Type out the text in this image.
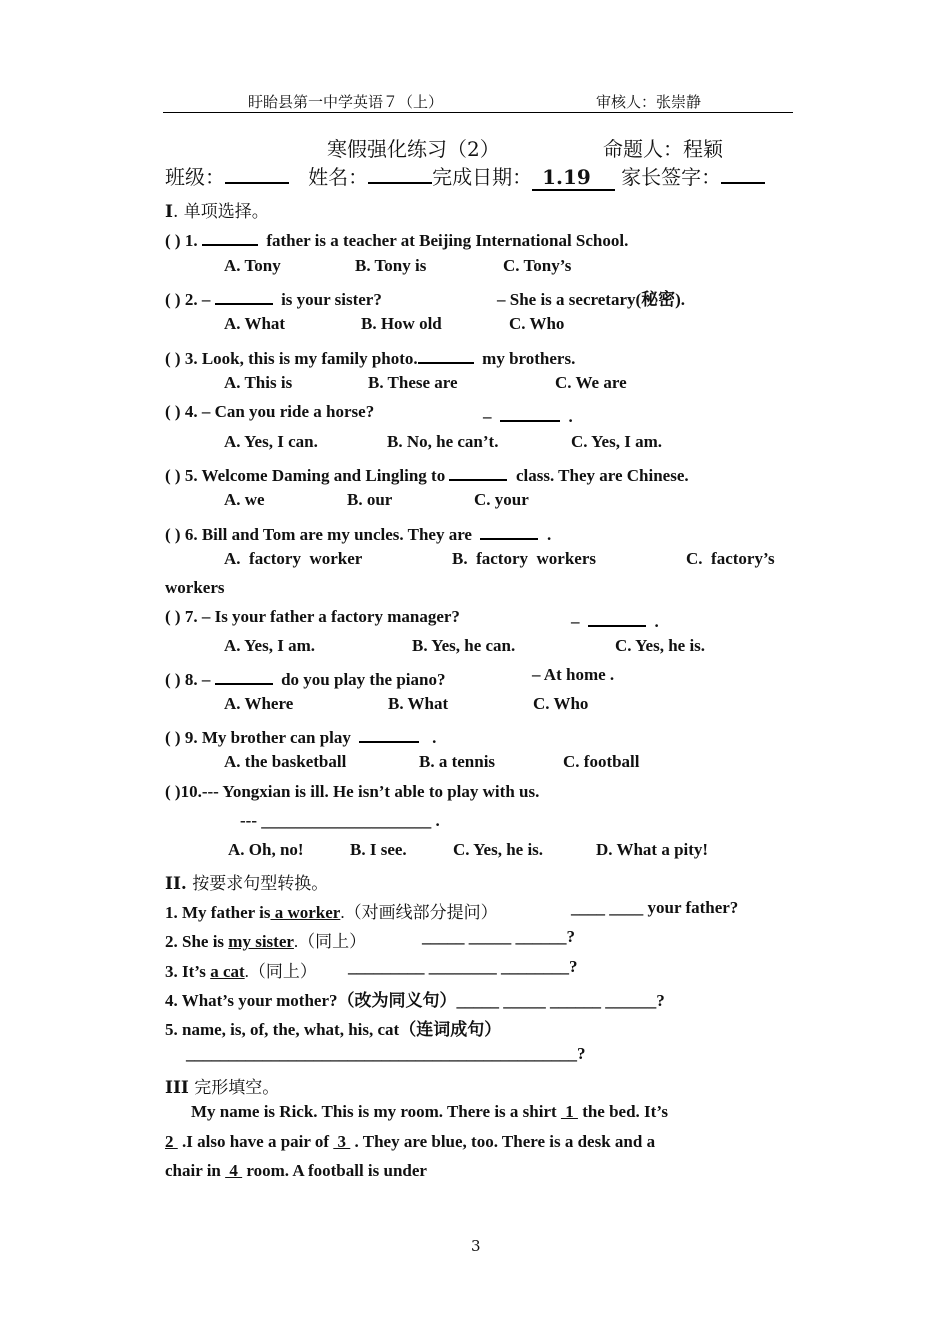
盱眙县第一中学英语７（上）	审核人：张崇静
寒假强化练习（2）	命题人：程颖
班级：	姓名：	完成日期： 1.19 家长签字：
I. 单项选择。
( ) 1.	father is a teacher at Beijing International School.
A. Tony	B. Tony is	C. Tony’s
( ) 2. –	is your sister?	– She is a secretary(秘密).
A. What	B. How old	C. Who
( ) 3. Look, this is my family photo.	my brothers.
A. This is	B. These are	C. We are
( ) 4. – Can you ride a horse?	–	.
A. Yes, I can.	B. No, he can’t.	C. Yes, I am.
( ) 5. Welcome Daming and Lingling to	class. They are Chinese.
A. we	B. our	C. your
( ) 6. Bill and Tom are my uncles. They are	.
A.  factory  worker	B.  factory  workers	C.  factory’s
workers
( ) 7. – Is your father a factory manager?	–	.
A. Yes, I am.	B. Yes, he can.	C. Yes, he is.
( ) 8. –	do you play the piano?	– At home .
A. Where	B. What	C. Who
( ) 9. My brother can play	.
A. the basketball	B. a tennis	C. football
( )10.--- Yongxian is ill. He isn’t able to play with us.
--- ____________________ .
A. Oh, no!	B. I see.	C. Yes, he is.	D. What a pity!
II. 按要求句型转换。
1. My father is a worker.（对画线部分提问）	____ ____ your father?
2. She is my sister.（同上）	_____ _____ ______?
3. It’s a cat.（同上） _________ ________ ________?
4. What’s your mother?（改为同义句）_____ _____ ______ ______?
5. name, is, of, the, what, his, cat（连词成句）
______________________________________________?
III 完形填空。
My name is Rick. This is my room. There is a shirt  1  the bed. It’s
2  .I also have a pair of  3  . They are blue, too. There is a desk and a
chair in  4  room. A football is under
3
